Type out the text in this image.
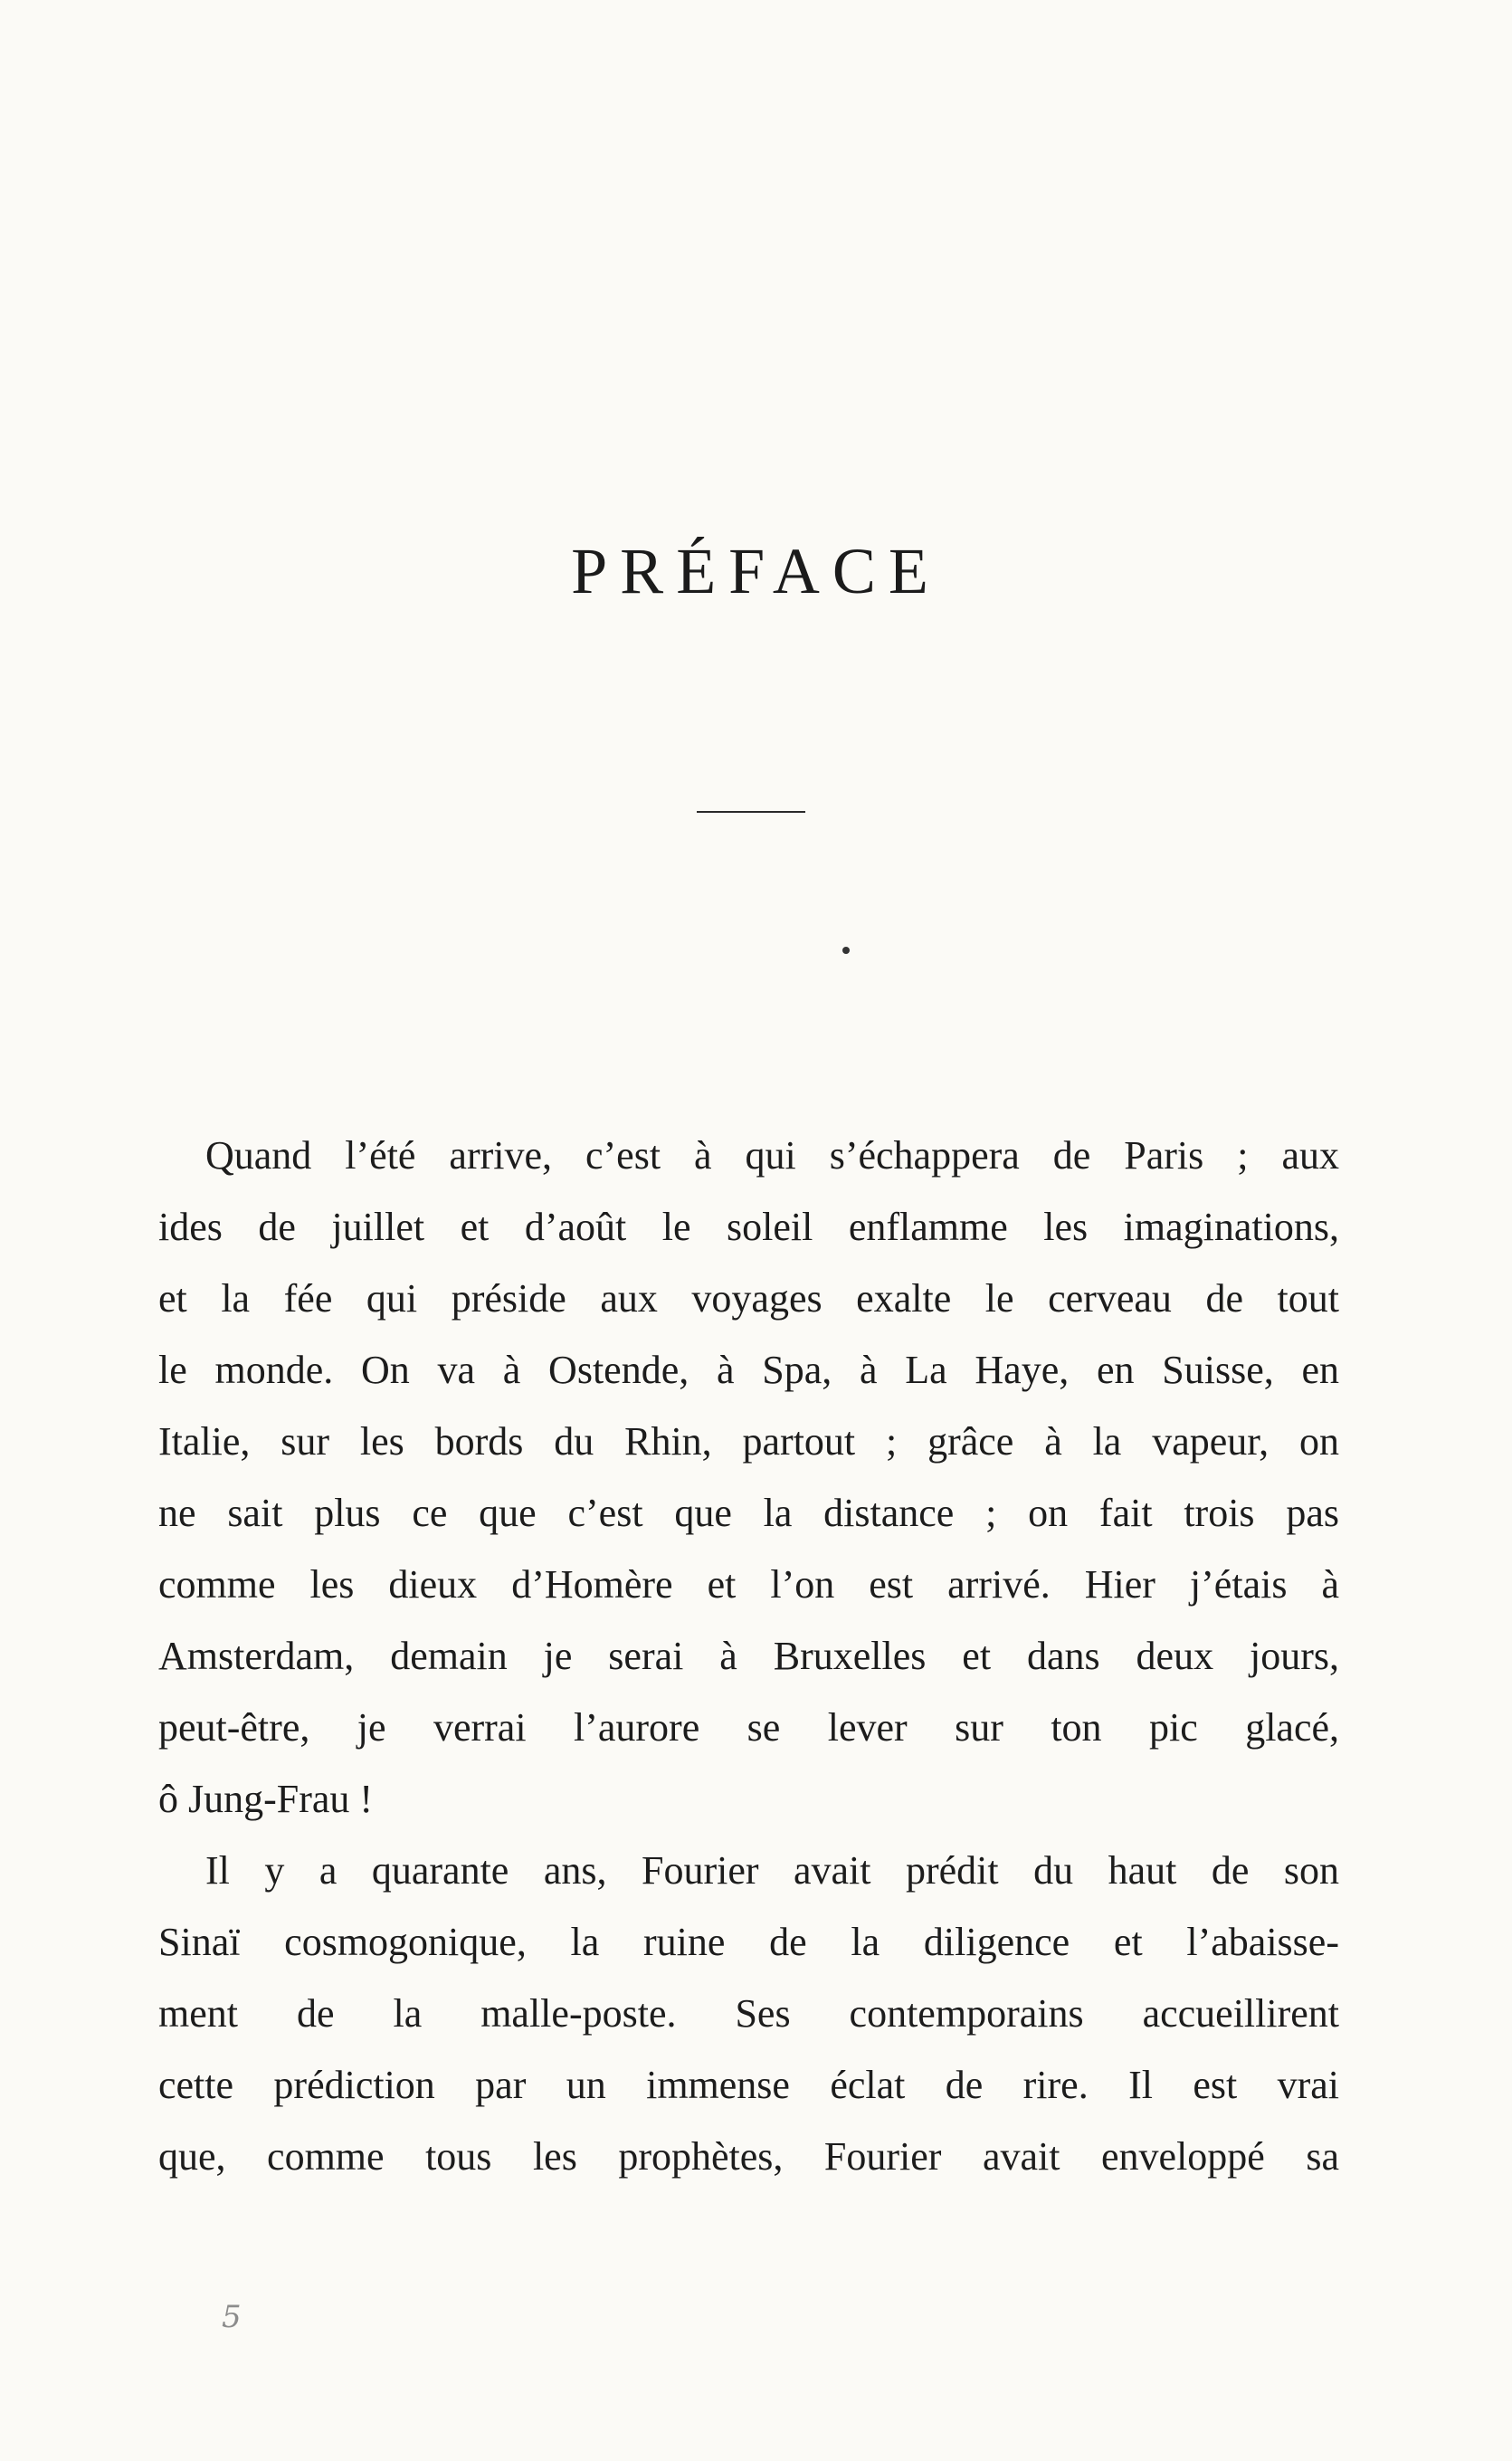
PRÉFACE
Quand l’été arrive, c’est à qui s’échappera de Paris ; aux
ides de juillet et d’août le soleil enflamme les imaginations,
et la fée qui préside aux voyages exalte le cerveau de tout
le monde. On va à Ostende, à Spa, à La Haye, en Suisse, en
Italie, sur les bords du Rhin, partout ; grâce à la vapeur, on
ne sait plus ce que c’est que la distance ; on fait trois pas
comme les dieux d’Homère et l’on est arrivé. Hier j’étais à
Amsterdam, demain je serai à Bruxelles et dans deux jours,
peut-être, je verrai l’aurore se lever sur ton pic glacé,
ô Jung-Frau !
Il y a quarante ans, Fourier avait prédit du haut de son
Sinaï cosmogonique, la ruine de la diligence et l’abaisse-
ment de la malle-poste. Ses contemporains accueillirent
cette prédiction par un immense éclat de rire. Il est vrai
que, comme tous les prophètes, Fourier avait enveloppé sa
5
